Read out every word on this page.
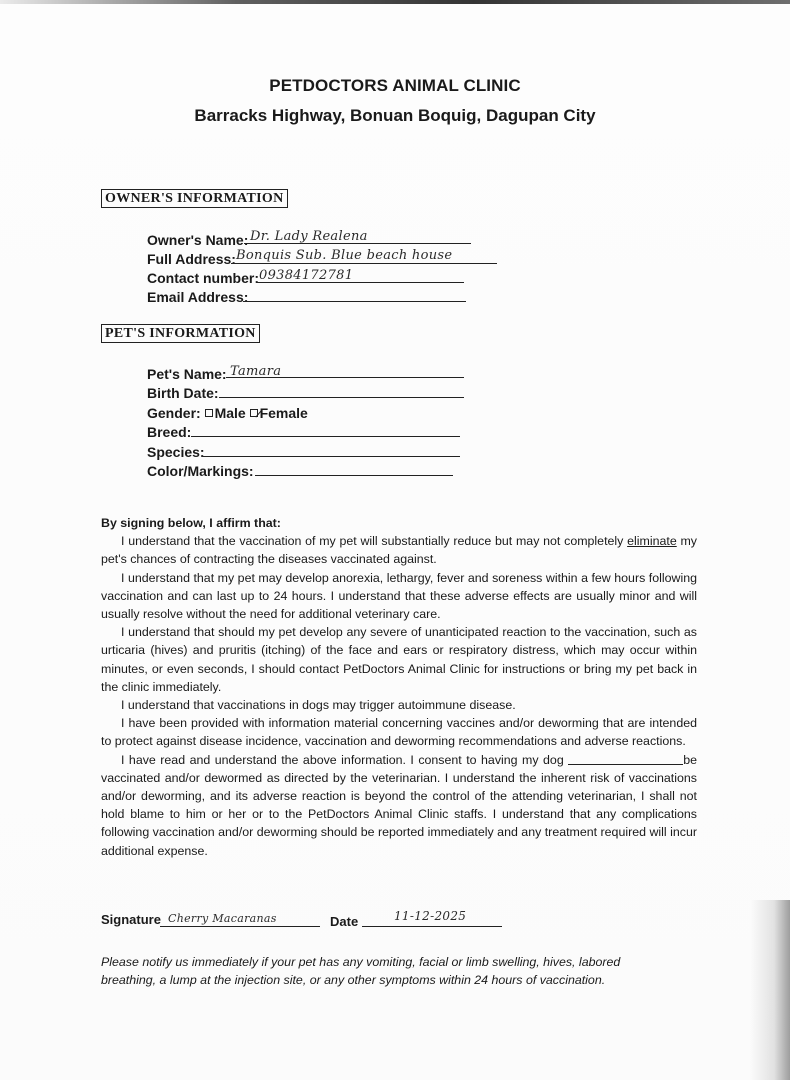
PETDOCTORS ANIMAL CLINIC
Barracks Highway, Bonuan Boquig, Dagupan City
OWNER'S INFORMATION
Owner's Name: Dr. Lady Realena
Full Address: Bonquis Sub. Blue beach house
Contact number: 09384172781
Email Address:
PET'S INFORMATION
Pet's Name: Tamara
Birth Date:
Gender: Male Female
Breed:
Species:
Color/Markings:

By signing below, I affirm that:

I understand that the vaccination of my pet will substantially reduce but may not completely eliminate my pet's chances of contracting the diseases vaccinated against.

I understand that my pet may develop anorexia, lethargy, fever and soreness within a few hours following vaccination and can last up to 24 hours. I understand that these adverse effects are usually minor and will usually resolve without the need for additional veterinary care.

I understand that should my pet develop any severe of unanticipated reaction to the vaccination, such as urticaria (hives) and pruritis (itching) of the face and ears or respiratory distress, which may occur within minutes, or even seconds, I should contact PetDoctors Animal Clinic for instructions or bring my pet back in the clinic immediately.

I understand that vaccinations in dogs may trigger autoimmune disease.

I have been provided with information material concerning vaccines and/or deworming that are intended to protect against disease incidence, vaccination and deworming recommendations and adverse reactions.

I have read and understand the above information. I consent to having my dog	be vaccinated and/or dewormed as directed by the veterinarian. I understand the inherent risk of vaccinations and/or deworming, and its adverse reaction is beyond the control of the attending veterinarian, I shall not hold blame to him or her or to the PetDoctors Animal Clinic staffs. I understand that any complications following vaccination and/or deworming should be reported immediately and any treatment required will incur additional expense.

Signature Cherry Macaranas	Date	11-12-2025
Please notify us immediately if your pet has any vomiting, facial or limb swelling, hives, labored breathing, a lump at the injection site, or any other symptoms within 24 hours of vaccination.
